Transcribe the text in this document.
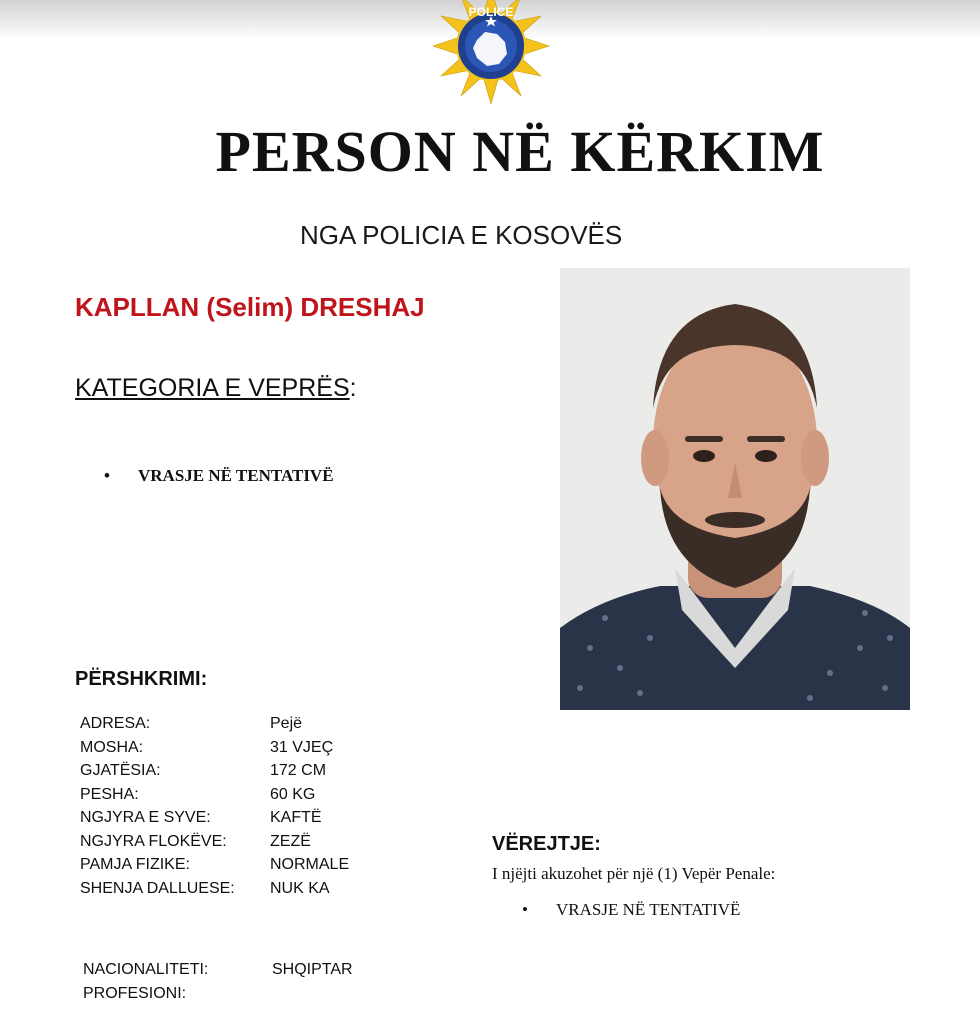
POLICE
PERSON NË KËRKIM
NGA POLICIA E KOSOVËS
KAPLLAN (Selim) DRESHAJ
KATEGORIA E VEPRËS:
• VRASJE NË TENTATIVË
PËRSHKRIMI:
ADRESA:	Pejë
MOSHA:	31 VJEÇ
GJATËSIA:	172 CM
PESHA:	60 KG
NGJYRA E SYVE:	KAFTË
NGJYRA FLOKËVE:	ZEZË
PAMJA FIZIKE:	NORMALE
SHENJA DALLUESE:	NUK KA
VËREJTJE:
I njëjti akuzohet për një (1) Vepër Penale:
• VRASJE NË TENTATIVË
NACIONALITETI:	SHQIPTAR
PROFESIONI:
